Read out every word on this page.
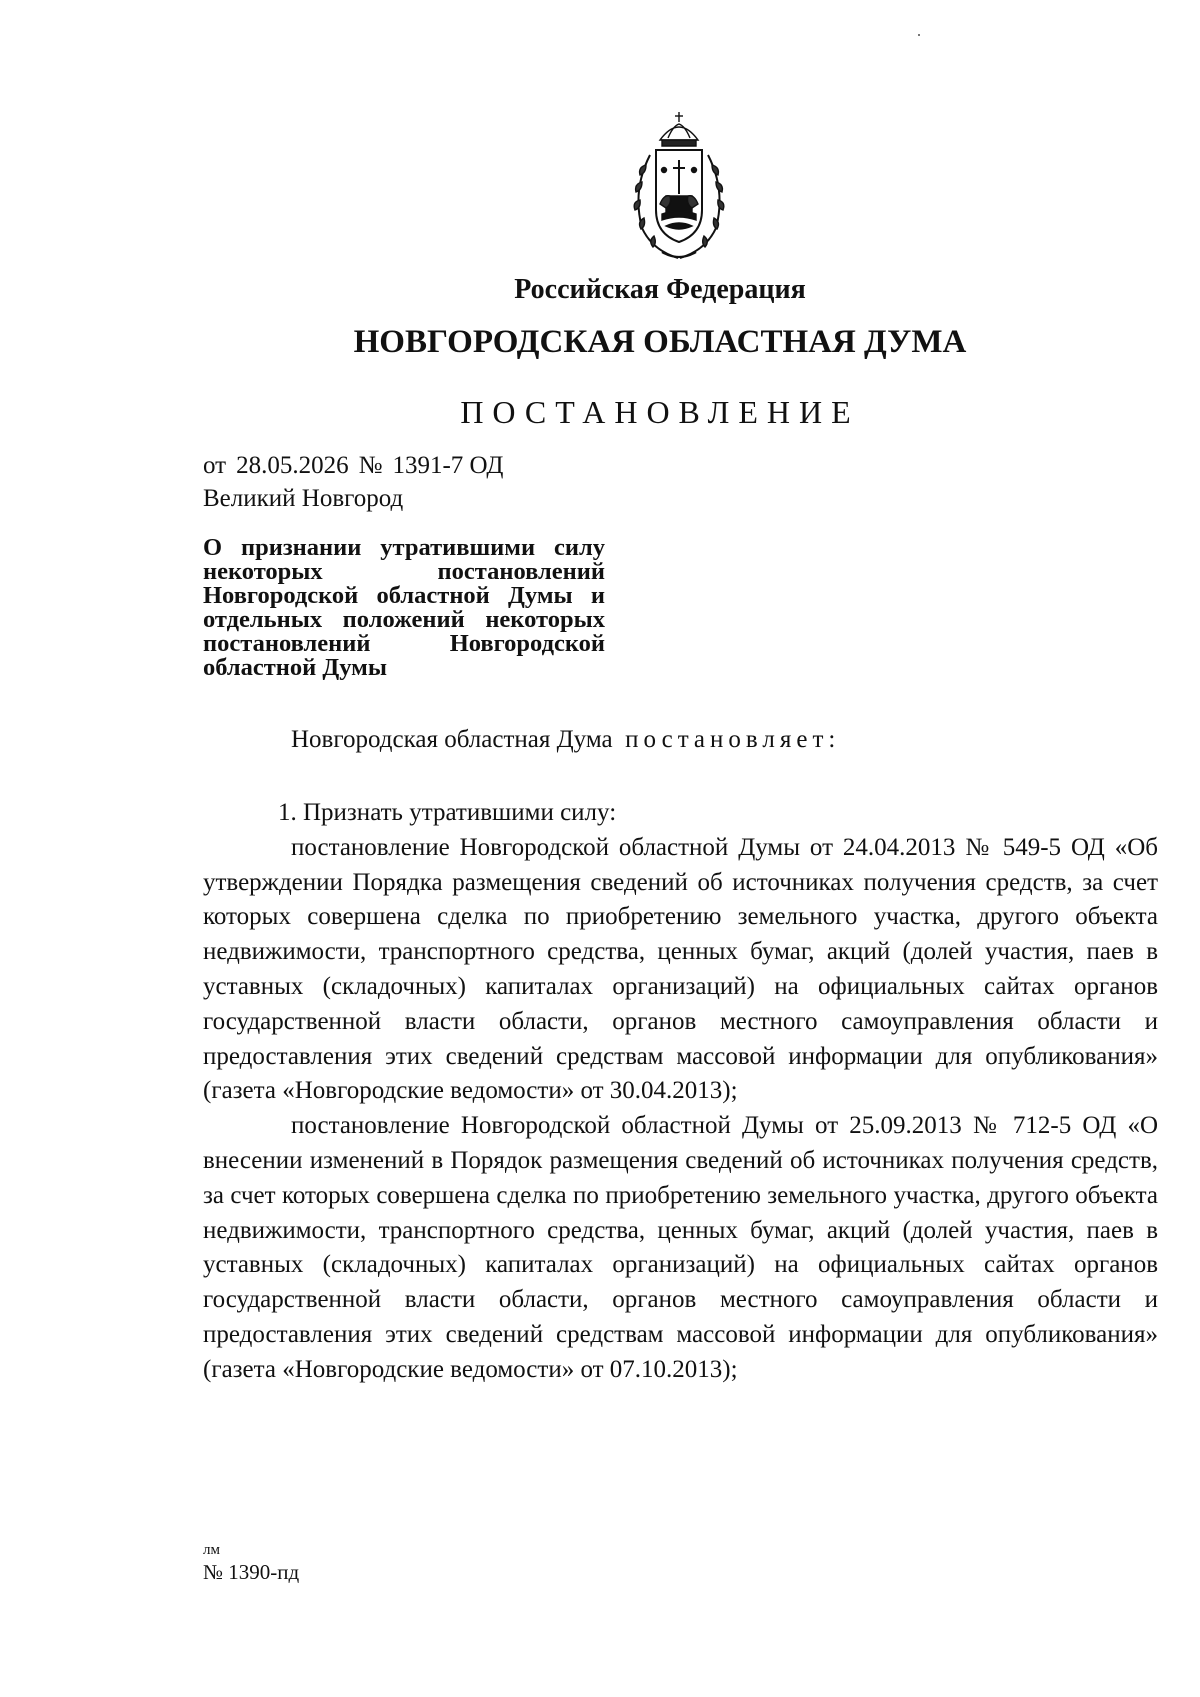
Российская Федерация
НОВГОРОДСКАЯ ОБЛАСТНАЯ ДУМА
ПОСТАНОВЛЕНИЕ
от 28.05.2026 № 1391-7 ОД
Великий Новгород
О признании утратившими силу некоторых постановлений Новгородской областной Думы и отдельных положений некоторых постановлений Новгородской областной Думы
Новгородская областная Дума постановляет:
1. Признать утратившими силу:
постановление Новгородской областной Думы от 24.04.2013 № 549-5 ОД «Об утверждении Порядка размещения сведений об источниках получения средств, за счет которых совершена сделка по приобретению земельного участка, другого объекта недвижимости, транспортного средства, ценных бумаг, акций (долей участия, паев в уставных (складочных) капиталах организаций) на официальных сайтах органов государственной власти области, органов местного самоуправления области и предоставления этих сведений средствам массовой информации для опубликования» (газета «Новгородские ведомости» от 30.04.2013);
постановление Новгородской областной Думы от 25.09.2013 № 712-5 ОД «О внесении изменений в Порядок размещения сведений об источниках получения средств, за счет которых совершена сделка по приобретению земельного участка, другого объекта недвижимости, транспортного средства, ценных бумаг, акций (долей участия, паев в уставных (складочных) капиталах организаций) на официальных сайтах органов государственной власти области, органов местного самоуправления области и предоставления этих сведений средствам массовой информации для опубликования» (газета «Новгородские ведомости» от 07.10.2013);
лм
№ 1390-пд
